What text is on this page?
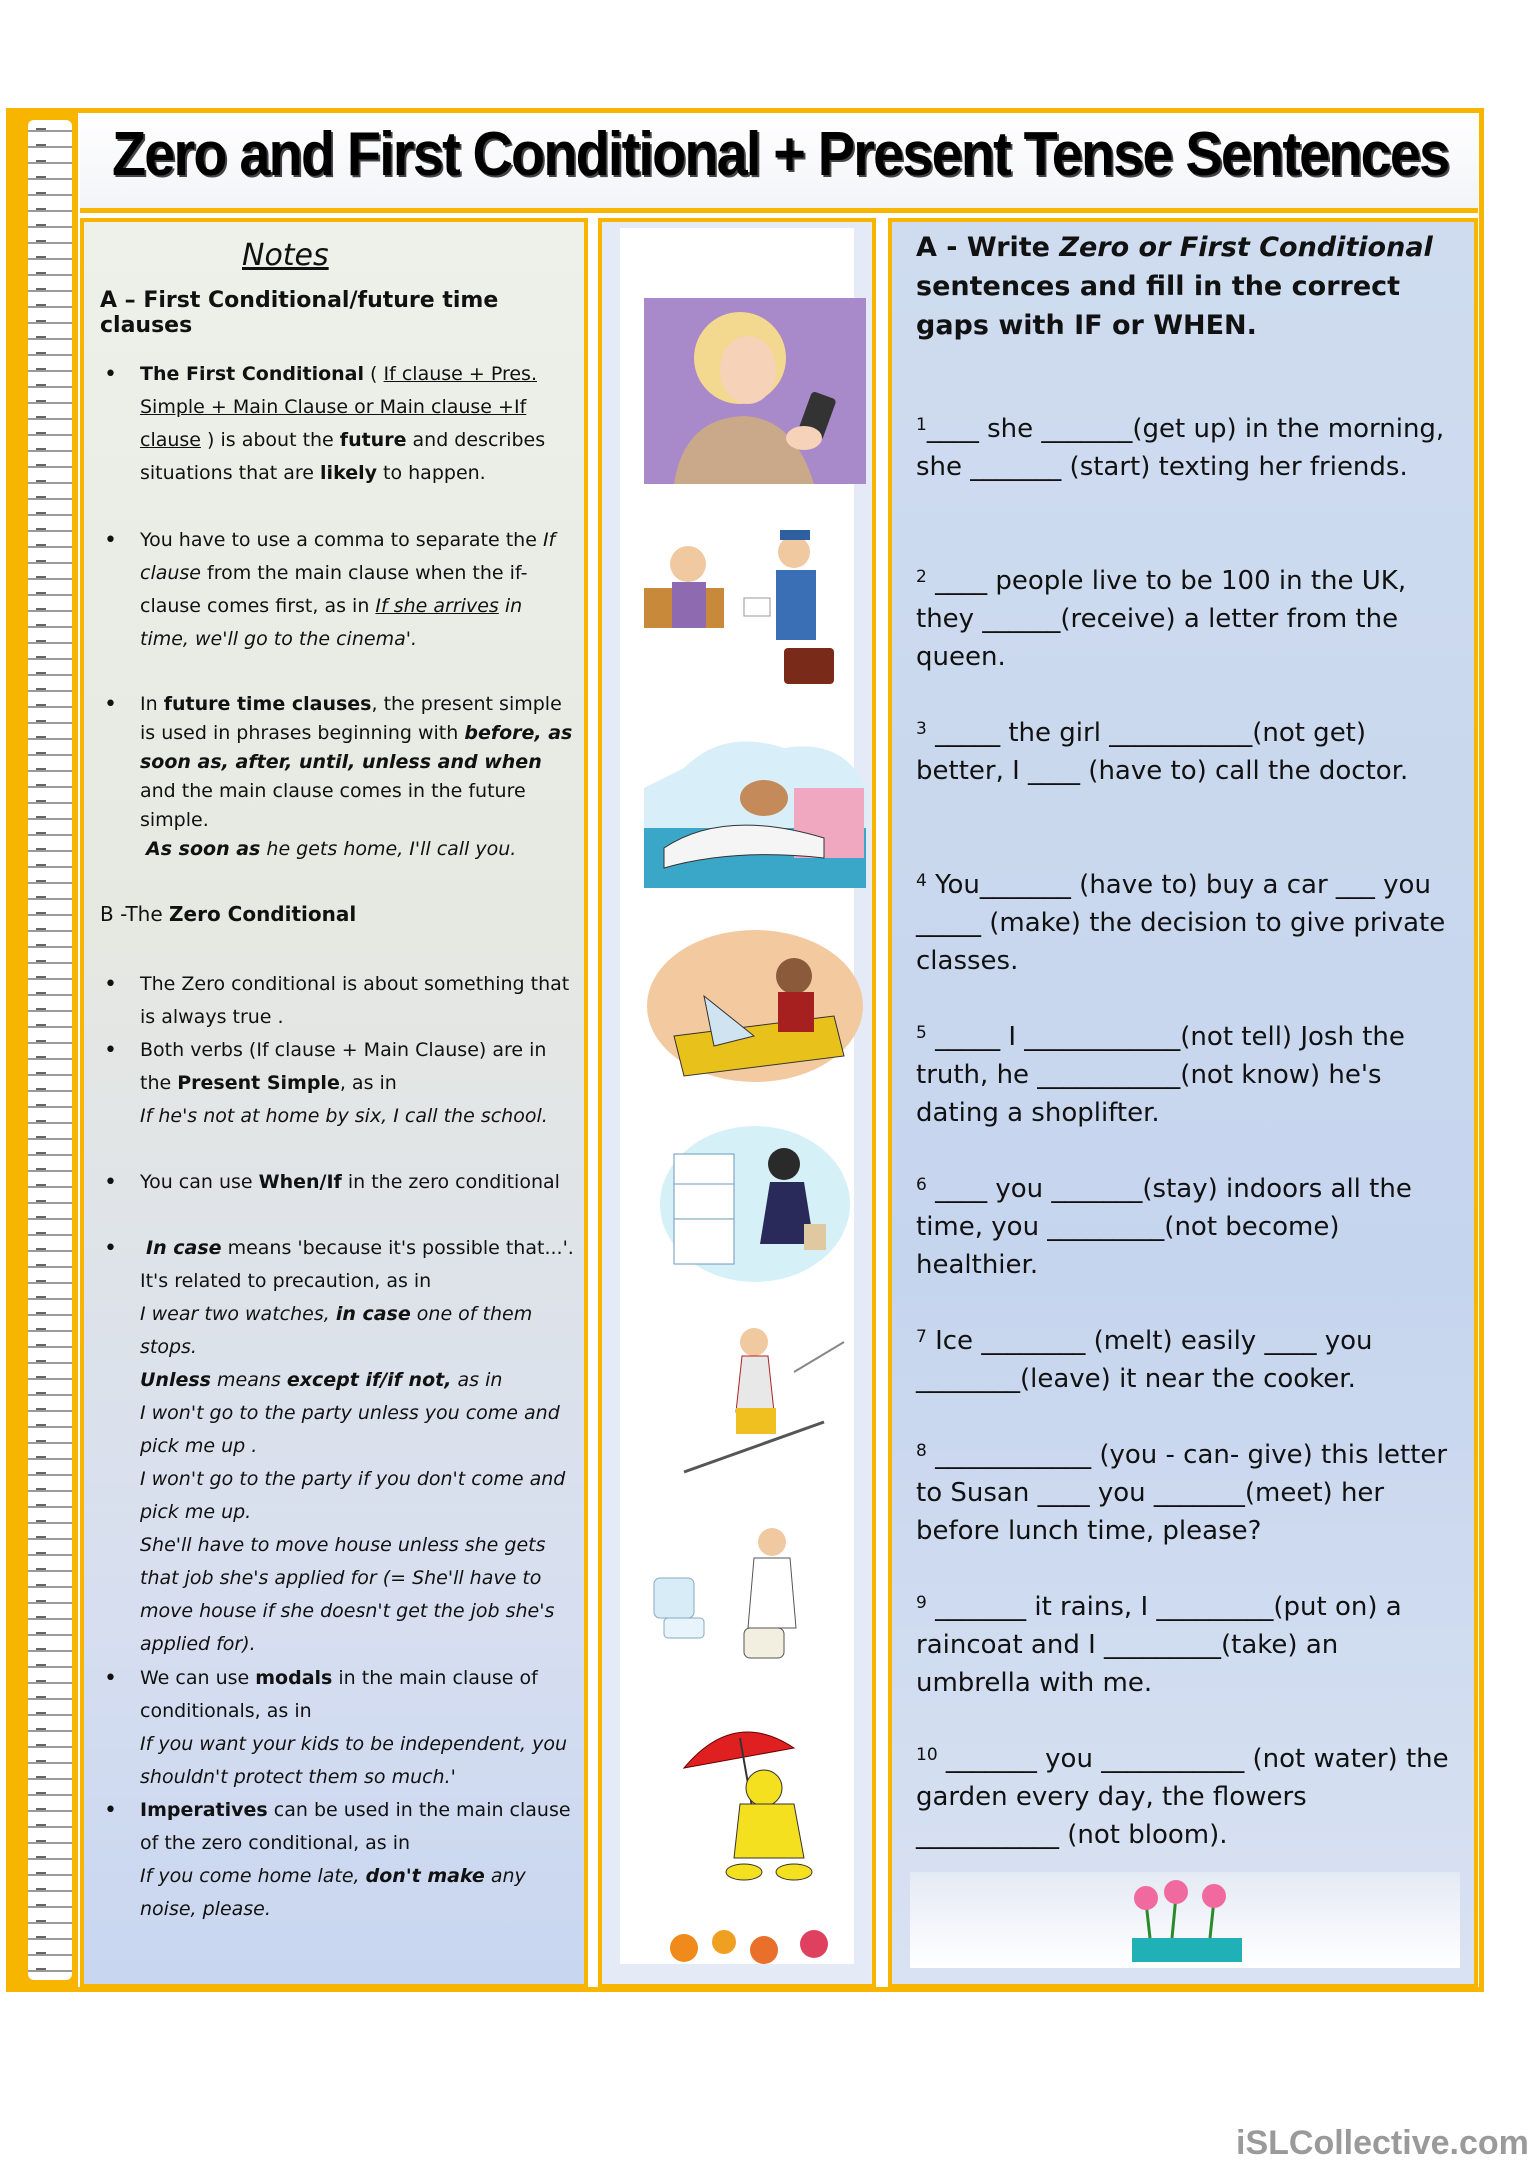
Zero and First Conditional + Present Tense Sentences
Notes
A – First Conditional/future time clauses
• The First Conditional ( If clause + Pres. Simple + Main Clause or Main clause +If clause ) is about the future and describes situations that are likely to happen.
• You have to use a comma to separate the If clause from the main clause when the if-clause comes first, as in If she arrives in time, we'll go to the cinema'.
• In future time clauses, the present simple is used in phrases beginning with before, as soon as, after, until, unless and when and the main clause comes in the future simple.
As soon as he gets home, I'll call you.
B -The Zero Conditional
• The Zero conditional is about something that is always true .
• Both verbs (If clause + Main Clause) are in the Present Simple, as in
If he's not at home by six, I call the school.
• You can use When/If in the zero conditional
• In case means 'because it's possible that...'. It's related to precaution, as in
I wear two watches, in case one of them stops.
Unless means except if/if not, as in
I won't go to the party unless you come and pick me up .
I won't go to the party if you don't come and pick me up.
She'll have to move house unless she gets that job she's applied for (= She'll have to move house if she doesn't get the job she's applied for).
• We can use modals in the main clause of conditionals, as in
If you want your kids to be independent, you shouldn't protect them so much.'
• Imperatives can be used in the main clause of the zero conditional, as in
If you come home late, don't make any noise, please.
A - Write Zero or First Conditional sentences and fill in the correct gaps with IF or WHEN.
$^1$____ she _______(get up) in the morning, she _______ (start) texting her friends.
$^2$ ____ people live to be 100 in the UK, they ______(receive) a letter from the queen.
$^3$ _____ the girl ___________(not get) better, I ____ (have to) call the doctor.
$^4$ You_______ (have to) buy a car ___ you _____ (make) the decision to give private classes.
$^5$ _____ I ____________(not tell) Josh the truth, he ___________(not know) he's dating a shoplifter.
$^6$ ____ you _______(stay) indoors all the time, you _________(not become) healthier.
$^7$ Ice ________ (melt) easily ____ you ________(leave) it near the cooker.
$^8$ ____________ (you - can- give) this letter to Susan ____ you _______(meet) her before lunch time, please?
$^9$ _______ it rains, I _________(put on) a raincoat and I _________(take) an umbrella with me.
$^{10}$ _______ you ___________ (not water) the garden every day, the flowers ___________ (not bloom).
iSLCollective.com
